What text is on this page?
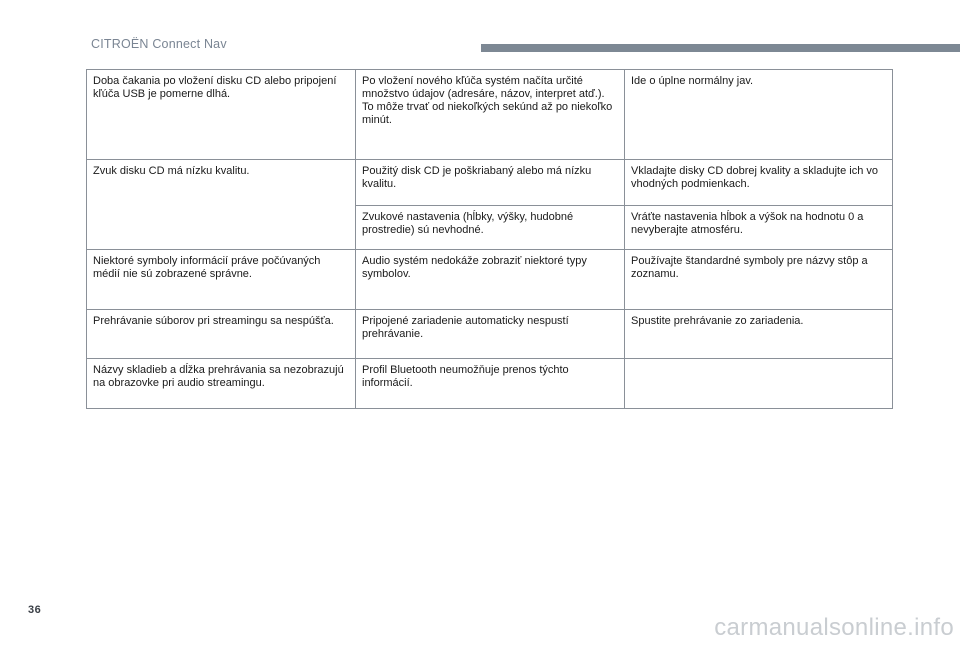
CITROËN Connect Nav
Doba čakania po vložení disku CD alebo pripojení kľúča USB je pomerne dlhá.	Po vložení nového kľúča systém načíta určité množstvo údajov (adresáre, názov, interpret atď.). To môže trvať od niekoľkých sekúnd až po niekoľko minút.	Ide o úplne normálny jav.
Zvuk disku CD má nízku kvalitu.	Použitý disk CD je poškriabaný alebo má nízku kvalitu.	Vkladajte disky CD dobrej kvality a skladujte ich vo vhodných podmienkach.
	Zvukové nastavenia (hĺbky, výšky, hudobné prostredie) sú nevhodné.	Vráťte nastavenia hĺbok a výšok na hodnotu 0 a nevyberajte atmosféru.
Niektoré symboly informácií práve počúvaných médií nie sú zobrazené správne.	Audio systém nedokáže zobraziť niektoré typy symbolov.	Používajte štandardné symboly pre názvy stôp a zoznamu.
Prehrávanie súborov pri streamingu sa nespúšťa.	Pripojené zariadenie automaticky nespustí prehrávanie.	Spustite prehrávanie zo zariadenia.
Názvy skladieb a dĺžka prehrávania sa nezobrazujú na obrazovke pri audio streamingu.	Profil Bluetooth neumožňuje prenos týchto informácií.	
36
carmanualsonline.info
